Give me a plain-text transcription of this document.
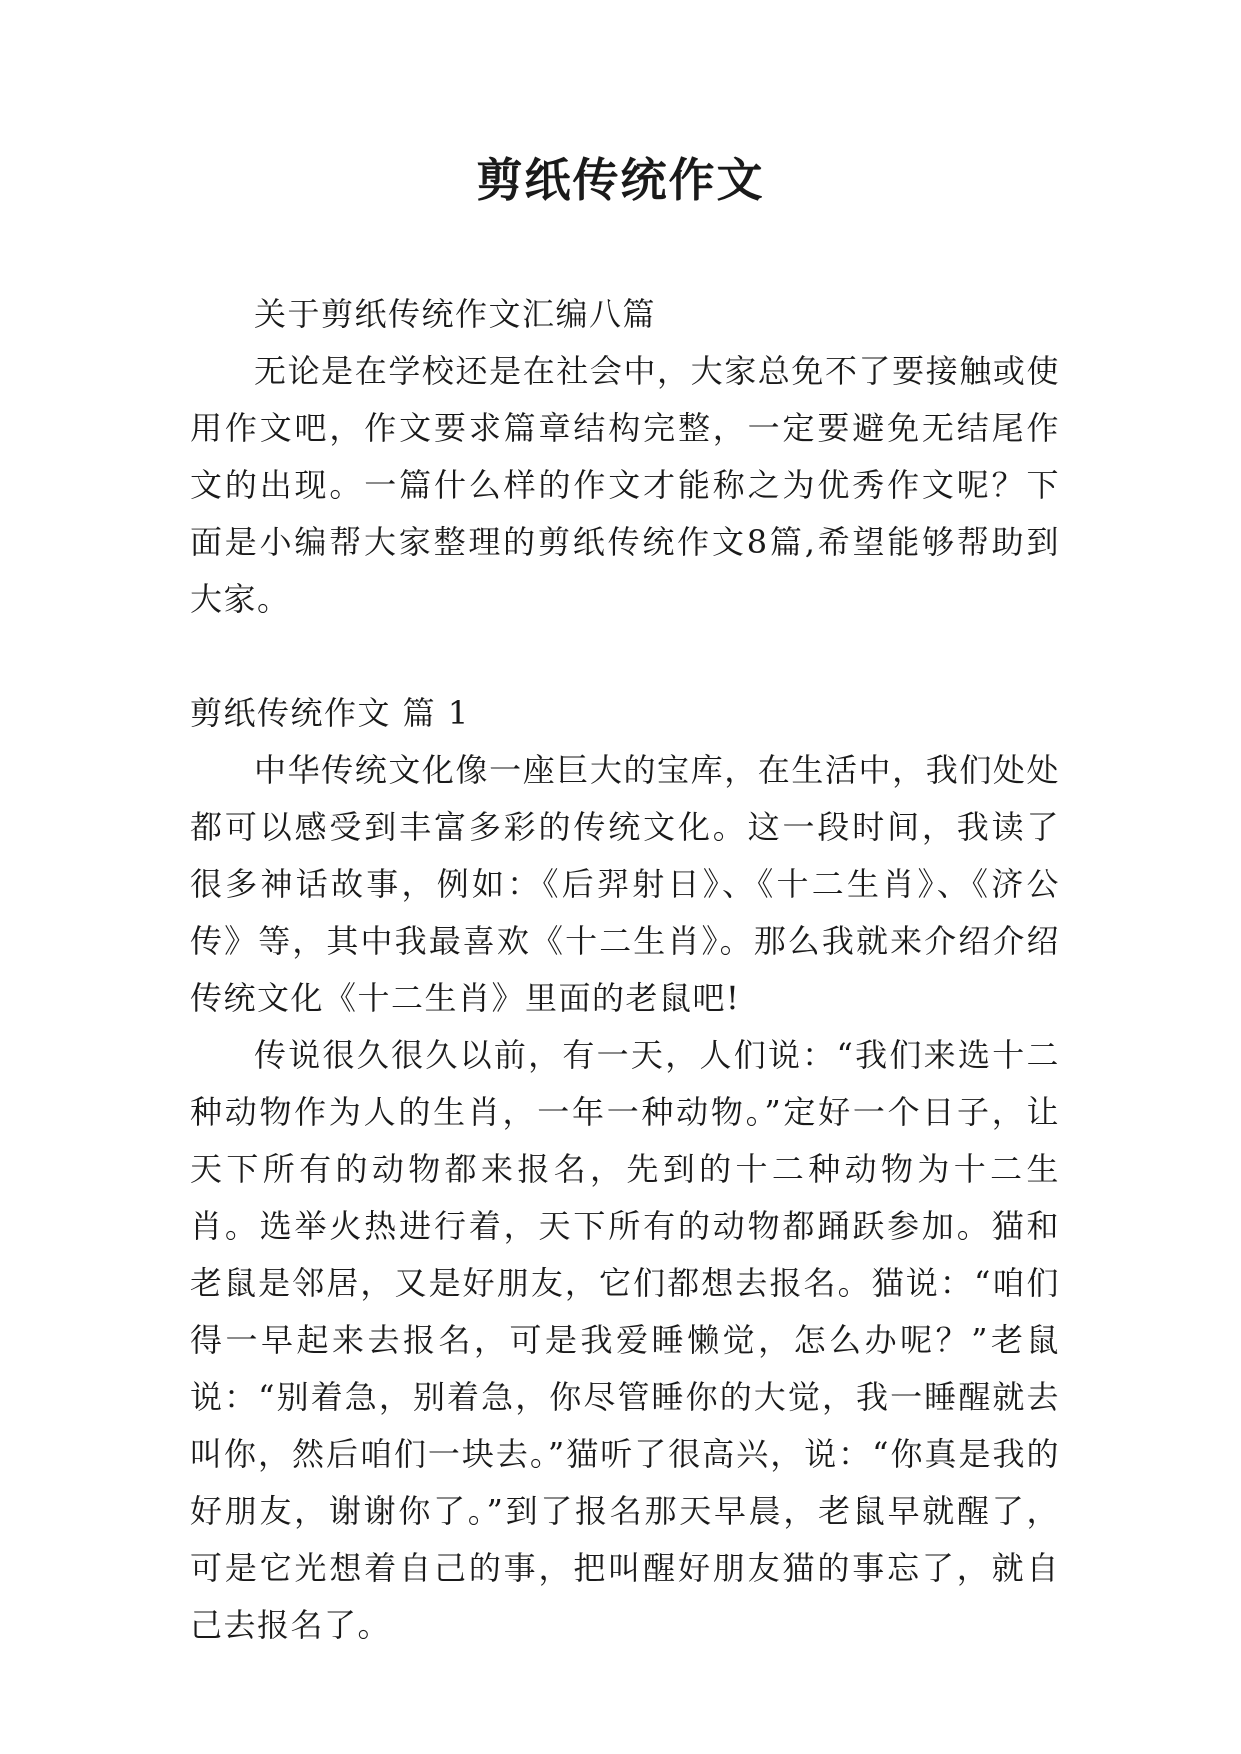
剪纸传统作文

关于剪纸传统作文汇编八篇

无论是在学校还是在社会中，大家总免不了要接触或使用作文吧，作文要求篇章结构完整，一定要避免无结尾作文的出现。一篇什么样的作文才能称之为优秀作文呢？下面是小编帮大家整理的剪纸传统作文8篇,希望能够帮助到大家。

剪纸传统作文 篇 1

中华传统文化像一座巨大的宝库，在生活中，我们处处都可以感受到丰富多彩的传统文化。这一段时间，我读了很多神话故事，例如：《后羿射日》、《十二生肖》、《济公传》等，其中我最喜欢《十二生肖》。那么我就来介绍介绍传统文化《十二生肖》里面的老鼠吧!

传说很久很久以前，有一天，人们说：“我们来选十二种动物作为人的生肖，一年一种动物。”定好一个日子，让天下所有的动物都来报名，先到的十二种动物为十二生肖。选举火热进行着，天下所有的动物都踊跃参加。猫和老鼠是邻居，又是好朋友，它们都想去报名。猫说：“咱们得一早起来去报名，可是我爱睡懒觉，怎么办呢？”老鼠说：“别着急，别着急，你尽管睡你的大觉，我一睡醒就去叫你，然后咱们一块去。”猫听了很高兴，说：“你真是我的好朋友，谢谢你了。”到了报名那天早晨，老鼠早就醒了，可是它光想着自己的事，把叫醒好朋友猫的事忘了，就自己去报名了。
